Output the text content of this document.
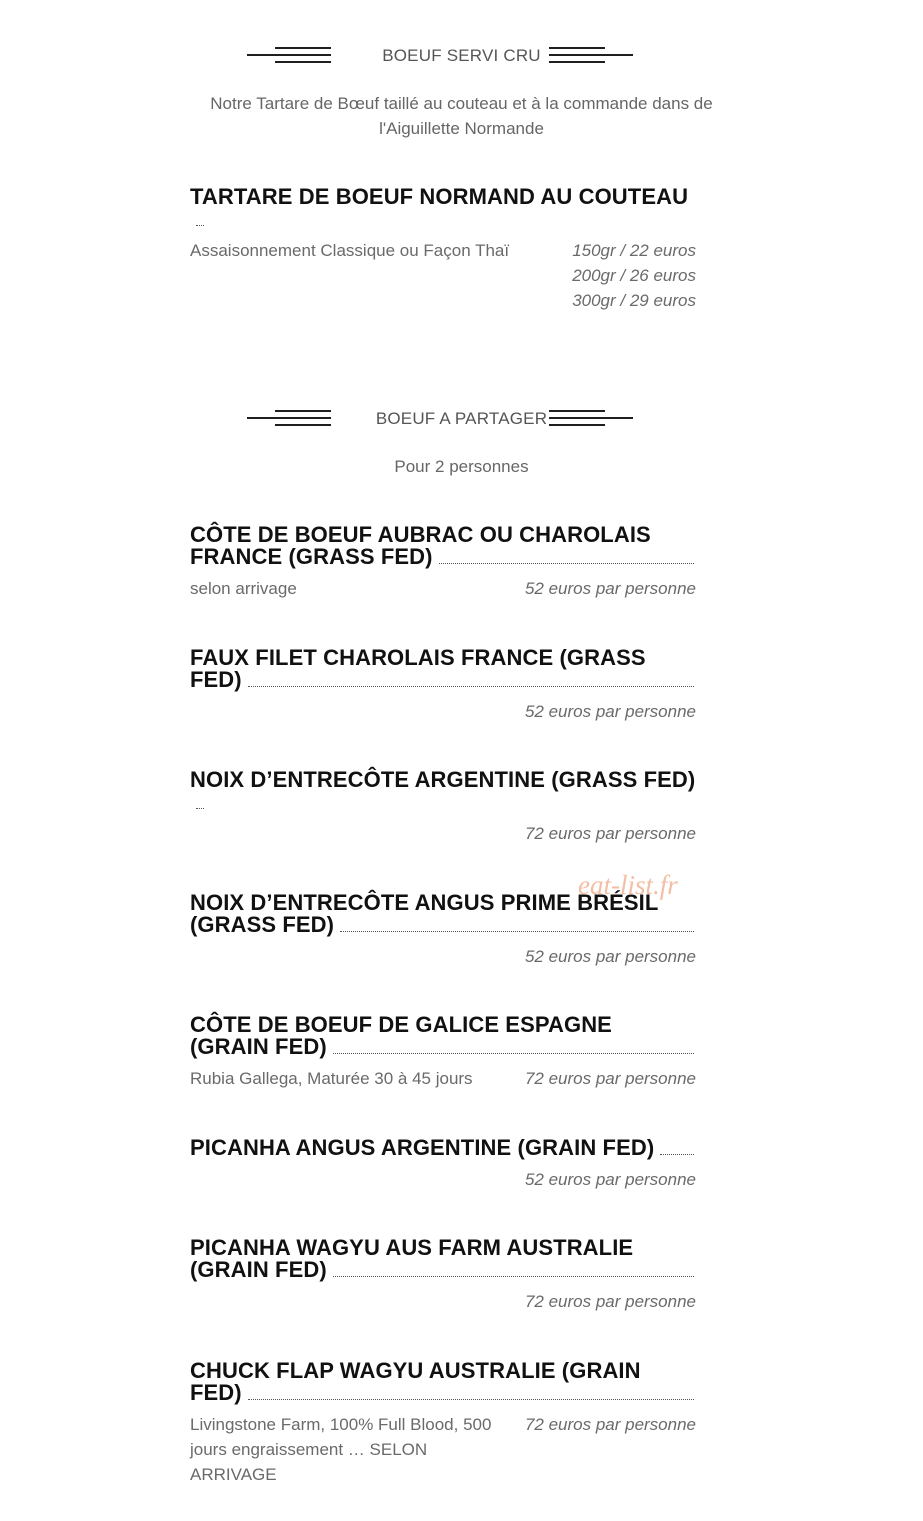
BOEUF SERVI CRU
Notre Tartare de Bœuf taillé au couteau et à la commande dans de l'Aiguillette Normande
TARTARE DE BOEUF NORMAND AU COUTEAU
Assaisonnement Classique ou Façon Thaï	150gr / 22 euros
200gr / 26 euros
300gr / 29 euros
BOEUF A PARTAGER
Pour 2 personnes
CÔTE DE BOEUF AUBRAC OU CHAROLAIS FRANCE (GRASS FED)
selon arrivage	52 euros par personne
FAUX FILET CHAROLAIS FRANCE (GRASS FED)
52 euros par personne
NOIX D’ENTRECÔTE ARGENTINE (GRASS FED)
72 euros par personne
NOIX D’ENTRECÔTE ANGUS PRIME BRÉSIL (GRASS FED)
52 euros par personne
CÔTE DE BOEUF DE GALICE ESPAGNE (GRAIN FED)
Rubia Gallega, Maturée 30 à 45 jours	72 euros par personne
PICANHA ANGUS ARGENTINE (GRAIN FED)
52 euros par personne
PICANHA WAGYU AUS FARM AUSTRALIE (GRAIN FED)
72 euros par personne
CHUCK FLAP WAGYU AUSTRALIE (GRAIN FED)
Livingstone Farm, 100% Full Blood, 500 jours engraissement … SELON ARRIVAGE
72 euros par personne
eat-list.fr
